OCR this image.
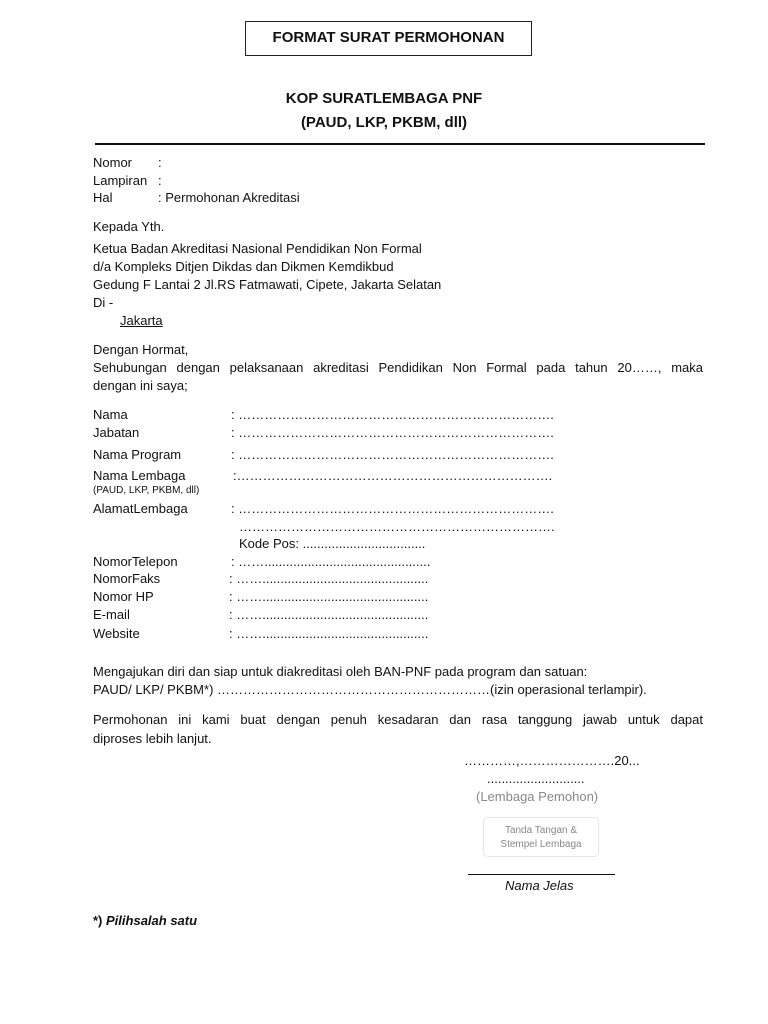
FORMAT SURAT PERMOHONAN
KOP SURATLEMBAGA PNF
(PAUD, LKP, PKBM, dll)
Nomor :
Lampiran :
Hal	: Permohonan Akreditasi
Kepada Yth.
Ketua Badan Akreditasi Nasional Pendidikan Non Formal
d/a Kompleks Ditjen Dikdas dan Dikmen Kemdikbud
Gedung F Lantai 2 Jl.RS Fatmawati, Cipete, Jakarta Selatan
Di -
Jakarta
Dengan Hormat,
Sehubungan dengan pelaksanaan akreditasi Pendidikan Non Formal pada tahun 20……, maka
dengan ini saya;
Nama	: ……………………………………………………………….
Jabatan	: ……………………………………………………………….
Nama Program	: ……………………………………………………………….
Nama Lembaga	:……………………………………………………………….
(PAUD, LKP, PKBM, dll)
AlamatLembaga	: ……………………………………………………………….
……………………………………………………………….
Kode Pos: ..................................
NomorTelepon	: ……..............................................
NomorFaks	: ……..............................................
Nomor HP	: ……..............................................
E-mail	: ……..............................................
Website	: ……..............................................
Mengajukan diri dan siap untuk diakreditasi oleh BAN-PNF pada program dan satuan:
PAUD/ LKP/ PKBM*) ………………………………………………………(izin operasional terlampir).
Permohonan ini kami buat dengan penuh kesadaran dan rasa tanggung jawab untuk dapat
diproses lebih lanjut.
…………,………………….20...
...........................
(Lembaga Pemohon)
Tanda Tangan &
Stempel Lembaga
Nama Jelas
*) Pilihsalah satu
